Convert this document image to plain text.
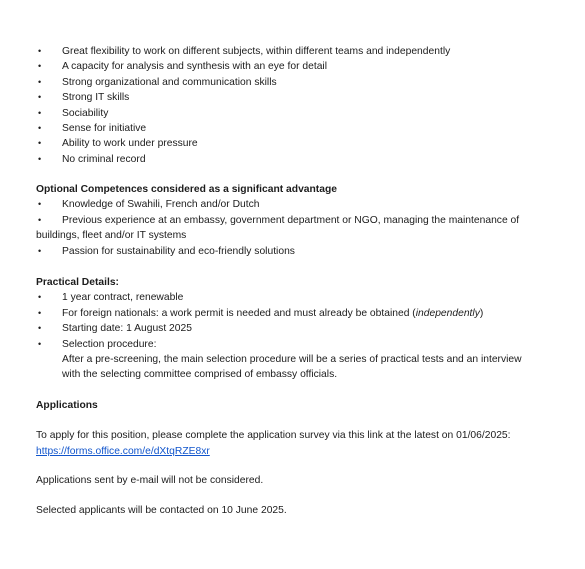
• Great flexibility to work on different subjects, within different teams and independently
• A capacity for analysis and synthesis with an eye for detail
• Strong organizational and communication skills
• Strong IT skills
• Sociability
• Sense for initiative
• Ability to work under pressure
• No criminal record

Optional Competences considered as a significant advantage

• Knowledge of Swahili, French and/or Dutch
• Previous experience at an embassy, government department or NGO, managing the maintenance of buildings, fleet and/or IT systems
• Passion for sustainability and eco-friendly solutions

Practical Details:

• 1 year contract, renewable
• For foreign nationals: a work permit is needed and must already be obtained (independently)
• Starting date: 1 August 2025
• Selection procedure:
After a pre-screening, the main selection procedure will be a series of practical tests and an interview with the selecting committee comprised of embassy officials.

Applications

To apply for this position, please complete the application survey via this link at the latest on 01/06/2025: https://forms.office.com/e/dXtqRZE8xr

Applications sent by e-mail will not be considered.

Selected applicants will be contacted on 10 June 2025.
